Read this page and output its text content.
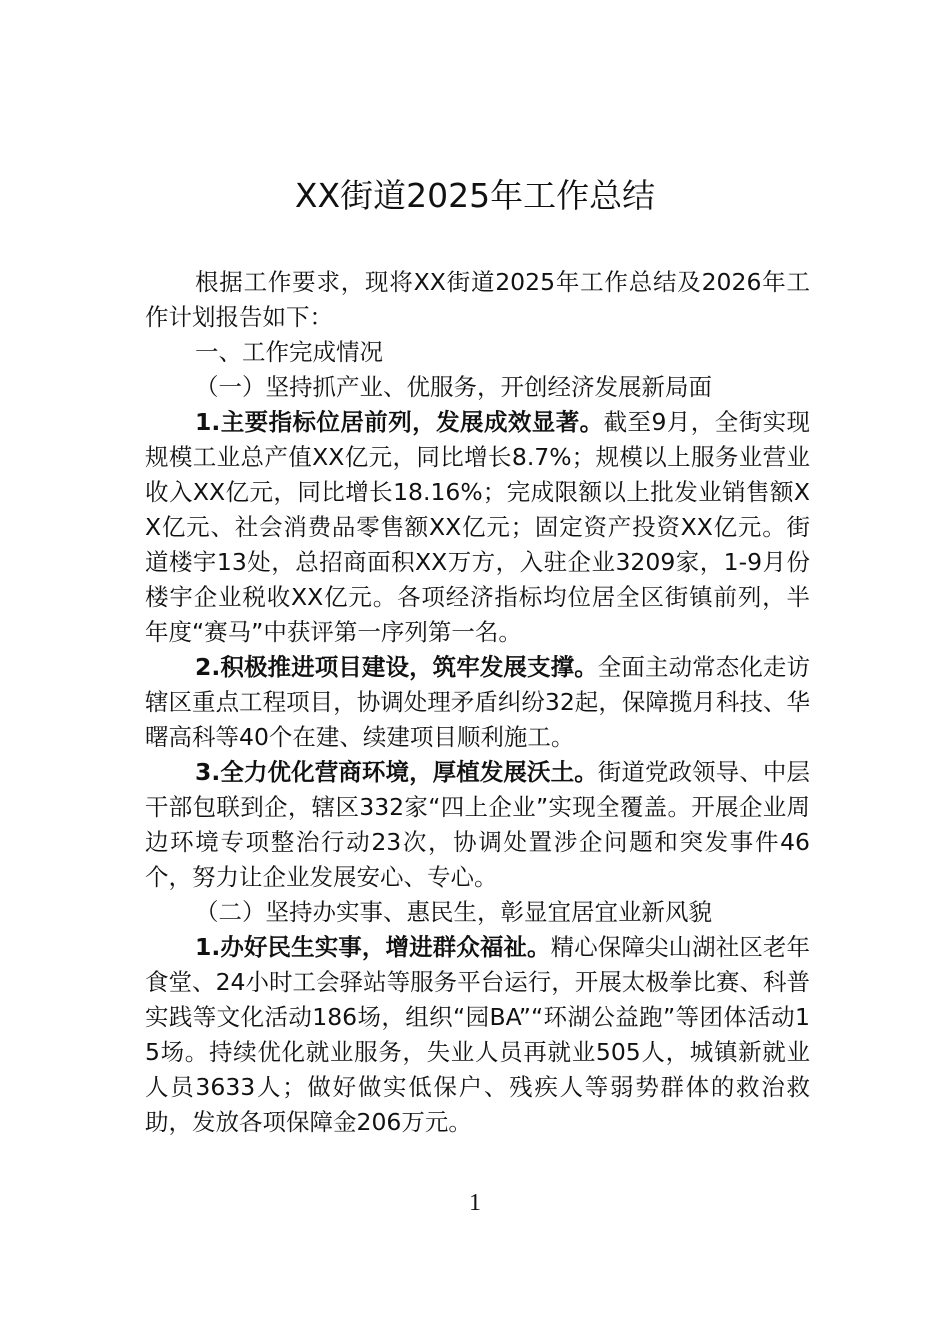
XX街道2025年工作总结

根据工作要求，现将XX街道2025年工作总结及2026年工作计划报告如下：

一、工作完成情况

（一）坚持抓产业、优服务，开创经济发展新局面

1.主要指标位居前列，发展成效显著。截至9月，全街实现规模工业总产值XX亿元，同比增长8.7%；规模以上服务业营业收入XX亿元，同比增长18.16%；完成限额以上批发业销售额XX亿元、社会消费品零售额XX亿元；固定资产投资XX亿元。街道楼宇13处，总招商面积XX万方，入驻企业3209家，1-9月份楼宇企业税收XX亿元。各项经济指标均位居全区街镇前列，半年度“赛马”中获评第一序列第一名。

2.积极推进项目建设，筑牢发展支撑。全面主动常态化走访辖区重点工程项目，协调处理矛盾纠纷32起，保障揽月科技、华曙高科等40个在建、续建项目顺利施工。

3.全力优化营商环境，厚植发展沃土。街道党政领导、中层干部包联到企，辖区332家“四上企业”实现全覆盖。开展企业周边环境专项整治行动23次，协调处置涉企问题和突发事件46个，努力让企业发展安心、专心。

（二）坚持办实事、惠民生，彰显宜居宜业新风貌

1.办好民生实事，增进群众福祉。精心保障尖山湖社区老年食堂、24小时工会驿站等服务平台运行，开展太极拳比赛、科普实践等文化活动186场，组织“园BA”“环湖公益跑”等团体活动15场。持续优化就业服务，失业人员再就业505人，城镇新就业人员3633人；做好做实低保户、残疾人等弱势群体的救治救助，发放各项保障金206万元。

1
